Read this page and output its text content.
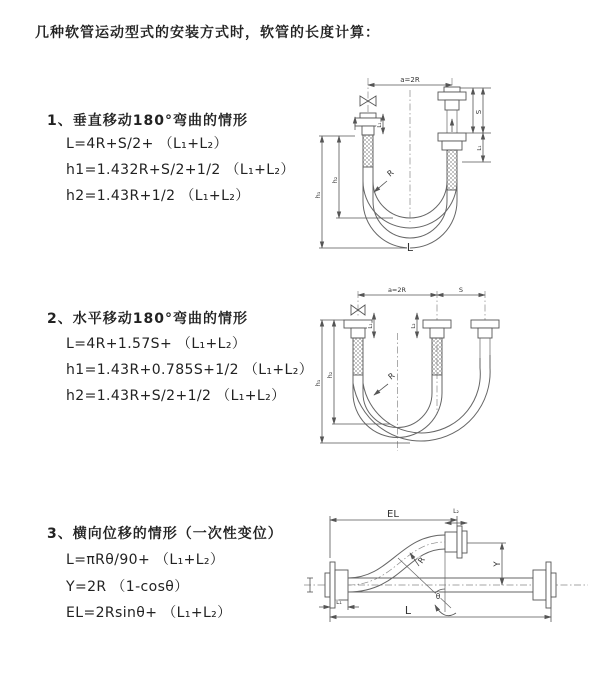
几种软管运动型式的安装方式时，软管的长度计算：
1、垂直移动180°弯曲的情形
L=4R+S/2+ （L₁+L₂）
h1=1.432R+S/2+1/2 （L₁+L₂）
h2=1.43R+1/2 （L₁+L₂）
2、水平移动180°弯曲的情形
L=4R+1.57S+ （L₁+L₂）
h1=1.43R+0.785S+1/2 （L₁+L₂）
h2=1.43R+S/2+1/2 （L₁+L₂）
3、横向位移的情形（一次性变位）
L=πRθ/90+ （L₁+L₂）
Y=2R （1-cosθ）
EL=2Rsinθ+ （L₁+L₂）
a=2R
R
L
h₁
h₂
L₁
S
L₁
a=2R	S
R
h₁
h₂
L₁	L₂
EL	L₂
Y
L
L₁
R
θ
